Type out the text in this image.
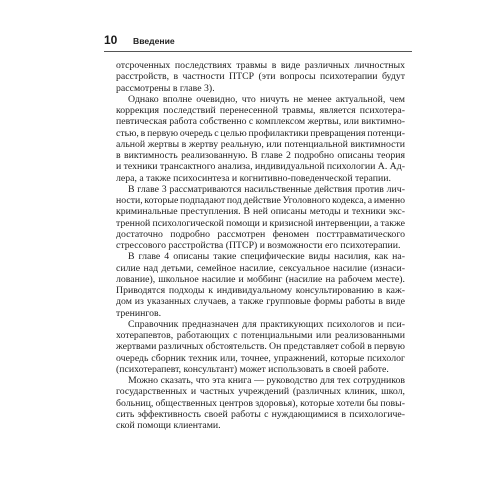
10 Введение
отсроченных последствиях травмы в виде различных личностных
расстройств, в частности ПТСР (эти вопросы психотерапии будут
рассмотрены в главе 3).
Однако вполне очевидно, что ничуть не менее актуальной, чем
коррекция последствий перенесенной травмы, является психотера-
певтическая работа собственно с комплексом жертвы, или виктимно-
стью, в первую очередь с целью профилактики превращения потенци-
альной жертвы в жертву реальную, или потенциальной виктимности
в виктимность реализованную. В главе 2 подробно описаны теория
и техники трансактного анализа, индивидуальной психологии А. Ад-
лера, а также психосинтеза и когнитивно-поведенческой терапии.
В главе 3 рассматриваются насильственные действия против лич-
ности, которые подпадают под действие Уголовного кодекса, а именно
криминальные преступления. В ней описаны методы и техники экс-
тренной психологической помощи и кризисной интервенции, а также
достаточно подробно рассмотрен феномен посттравматического
стрессового расстройства (ПТСР) и возможности его психотерапии.
В главе 4 описаны такие специфические виды насилия, как на-
силие над детьми, семейное насилие, сексуальное насилие (изнаси-
лование), школьное насилие и моббинг (насилие на рабочем месте).
Приводятся подходы к индивидуальному консультированию в каж-
дом из указанных случаев, а также групповые формы работы в виде
тренингов.
Справочник предназначен для практикующих психологов и пси-
хотерапевтов, работающих с потенциальными или реализованными
жертвами различных обстоятельств. Он представляет собой в первую
очередь сборник техник или, точнее, упражнений, которые психолог
(психотерапевт, консультант) может использовать в своей работе.
Можно сказать, что эта книга — руководство для тех сотрудников
государственных и частных учреждений (различных клиник, школ,
больниц, общественных центров здоровья), которые хотели бы повы-
сить эффективность своей работы с нуждающимися в психологиче-
ской помощи клиентами.
